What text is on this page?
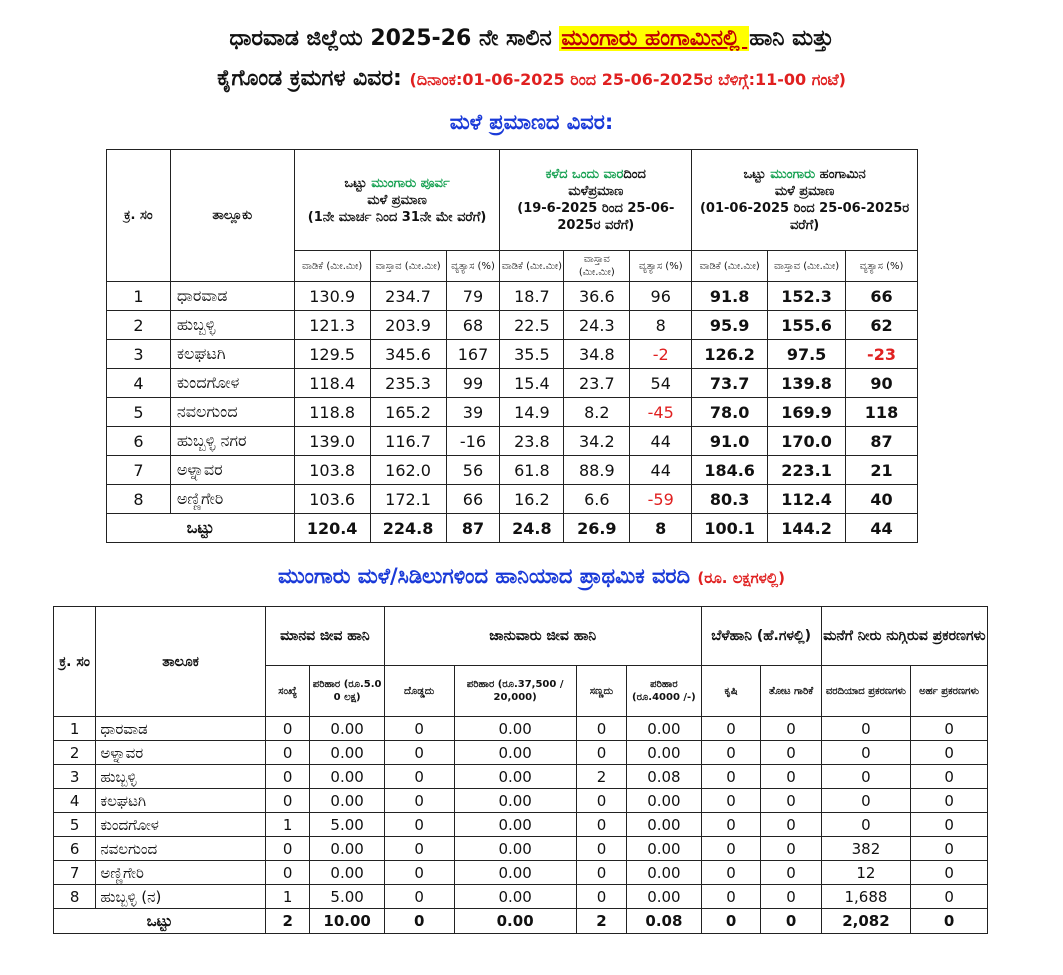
ಧಾರವಾಡ ಜಿಲ್ಲೆಯ 2025-26 ನೇ ಸಾಲಿನ ಮುಂಗಾರು ಹಂಗಾಮಿನಲ್ಲಿ ಹಾನಿ ಮತ್ತು
ಕೈಗೊಂಡ ಕ್ರಮಗಳ ವಿವರ: (ದಿನಾಂಕ:01-06-2025 ರಿಂದ 25-06-2025ರ ಬೆಳಿಗ್ಗೆ:11-00 ಗಂಟೆ)
ಮಳೆ ಪ್ರಮಾಣದ ವಿವರ:
ಕ್ರ. ಸಂ	ತಾಲ್ಲೂಕು	ಒಟ್ಟು ಮುಂಗಾರು ಪೂರ್ವ
ಮಳೆ ಪ್ರಮಾಣ
(1ನೇ ಮಾರ್ಚ ನಿಂದ 31ನೇ ಮೇ ವರೆಗೆ)			ಕಳೆದ ಒಂದು ವಾರದಿಂದ
ಮಳೆಪ್ರಮಾಣ
(19-6-2025 ರಿಂದ 25-06-2025ರ ವರೆಗೆ)			ಒಟ್ಟು ಮುಂಗಾರು ಹಂಗಾಮಿನ
ಮಳೆ ಪ್ರಮಾಣ
(01-06-2025 ರಿಂದ 25-06-2025ರ ವರೆಗೆ)		
		ವಾಡಿಕೆ (ಮೀ.ಮೀ)	ವಾಸ್ತಾವ (ಮೀ.ಮೀ)	ವ್ಯತ್ಯಾಸ (%)	ವಾಡಿಕೆ (ಮೀ.ಮೀ)	ವಾಸ್ತಾವ (ಮೀ.ಮೀ)	ವ್ಯತ್ಯಾಸ (%)	ವಾಡಿಕೆ (ಮೀ.ಮೀ)	ವಾಸ್ತಾವ (ಮೀ.ಮೀ)	ವ್ಯತ್ಯಾಸ (%)
1	ಧಾರವಾಡ	130.9	234.7	79	18.7	36.6	96	91.8	152.3	66
2	ಹುಬ್ಬಳ್ಳಿ	121.3	203.9	68	22.5	24.3	8	95.9	155.6	62
3	ಕಲಘಟಗಿ	129.5	345.6	167	35.5	34.8	-2	126.2	97.5	-23
4	ಕುಂದಗೋಳ	118.4	235.3	99	15.4	23.7	54	73.7	139.8	90
5	ನವಲಗುಂದ	118.8	165.2	39	14.9	8.2	-45	78.0	169.9	118
6	ಹುಬ್ಬಳ್ಳಿ ನಗರ	139.0	116.7	-16	23.8	34.2	44	91.0	170.0	87
7	ಅಳ್ನಾವರ	103.8	162.0	56	61.8	88.9	44	184.6	223.1	21
8	ಅಣ್ಣಿಗೇರಿ	103.6	172.1	66	16.2	6.6	-59	80.3	112.4	40
ಒಟ್ಟು		120.4	224.8	87	24.8	26.9	8	100.1	144.2	44
ಮುಂಗಾರು ಮಳೆ/ಸಿಡಿಲುಗಳಿಂದ ಹಾನಿಯಾದ ಪ್ರಾಥಮಿಕ ವರದಿ (ರೂ. ಲಕ್ಷಗಳಲ್ಲಿ)
ಕ್ರ. ಸಂ	ತಾಲೂಕ	ಮಾನವ ಜೀವ ಹಾನಿ		ಜಾನುವಾರು ಜೀವ ಹಾನಿ				ಬೆಳೆಹಾನಿ (ಹೆ.ಗಳಲ್ಲಿ)		ಮನೆಗೆ ನೀರು ನುಗ್ಗಿರುವ ಪ್ರಕರಣಗಳು	
		ಸಂಖ್ಯೆ	ಪರಿಹಾರ (ರೂ.5.0 0 ಲಕ್ಷ)	ದೊಡ್ಡದು	ಪರಿಹಾರ (ರೂ.37,500 / 20,000)	ಸಣ್ಣದು	ಪರಿಹಾರ (ರೂ.4000 /-)	ಕೃಷಿ	ತೋಟ ಗಾರಿಕೆ	ವರದಿಯಾದ ಪ್ರಕರಣಗಳು	ಅರ್ಹ ಪ್ರಕರಣಗಳು
1	ಧಾರವಾಡ	0	0.00	0	0.00	0	0.00	0	0	0	0
2	ಅಳ್ನಾವರ	0	0.00	0	0.00	0	0.00	0	0	0	0
3	ಹುಬ್ಬಳ್ಳಿ	0	0.00	0	0.00	2	0.08	0	0	0	0
4	ಕಲಘಟಗಿ	0	0.00	0	0.00	0	0.00	0	0	0	0
5	ಕುಂದಗೋಳ	1	5.00	0	0.00	0	0.00	0	0	0	0
6	ನವಲಗುಂದ	0	0.00	0	0.00	0	0.00	0	0	382	0
7	ಅಣ್ಣಿಗೇರಿ	0	0.00	0	0.00	0	0.00	0	0	12	0
8	ಹುಬ್ಬಳ್ಳಿ (ನ)	1	5.00	0	0.00	0	0.00	0	0	1,688	0
ಒಟ್ಟು		2	10.00	0	0.00	2	0.08	0	0	2,082	0
